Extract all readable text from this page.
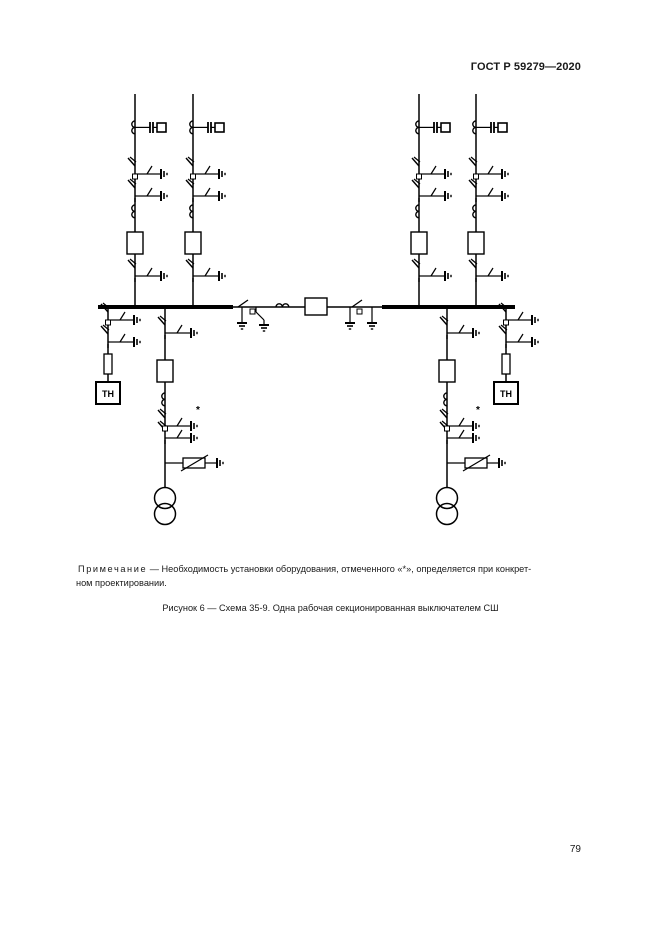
ГОСТ Р 59279—2020
ТН	ТН
*	*
Примечание — Необходимость установки оборудования, отмеченного «*», определяется при конкрет-
ном проектировании.
Рисунок 6 — Схема 35-9. Одна рабочая секционированная выключателем СШ
79
